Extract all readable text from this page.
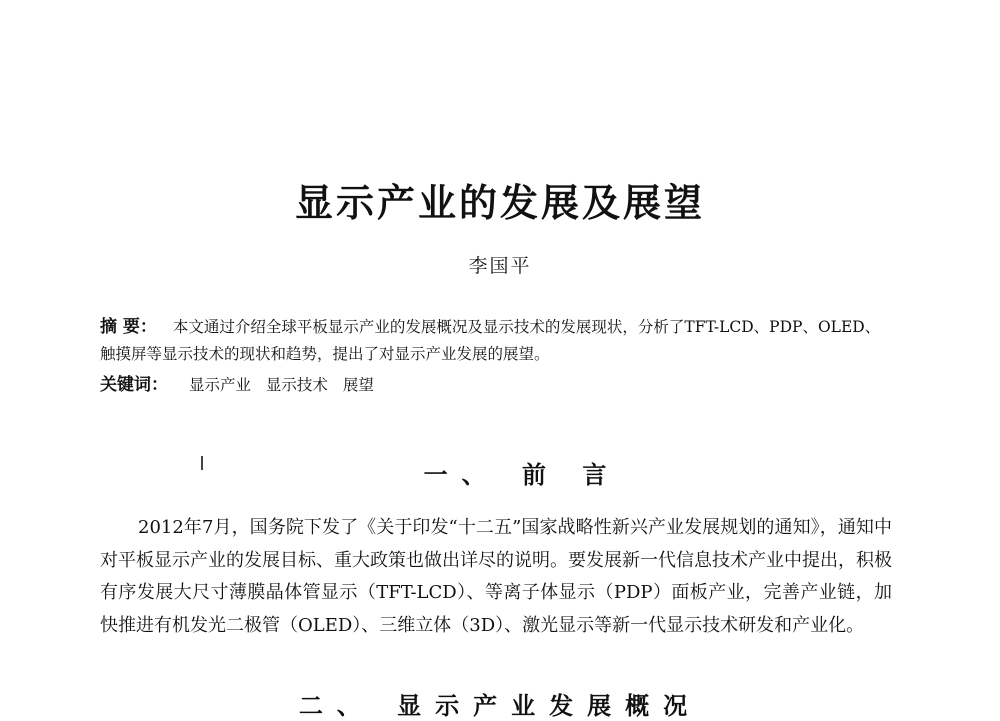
显示产业的发展及展望
李国平
摘 要： 本文通过介绍全球平板显示产业的发展概况及显示技术的发展现状，分析了TFT-LCD、PDP、OLED、触摸屏等显示技术的现状和趋势，提出了对显示产业发展的展望。
关键词： 显示产业 显示技术 展望
一、 前 言
2012年7月，国务院下发了《关于印发“十二五”国家战略性新兴产业发展规划的通知》，通知中对平板显示产业的发展目标、重大政策也做出详尽的说明。要发展新一代信息技术产业中提出，积极有序发展大尺寸薄膜晶体管显示（TFT-LCD）、等离子体显示（PDP）面板产业，完善产业链，加快推进有机发光二极管（OLED）、三维立体（3D）、激光显示等新一代显示技术研发和产业化。
二、 显示产业发展概况
